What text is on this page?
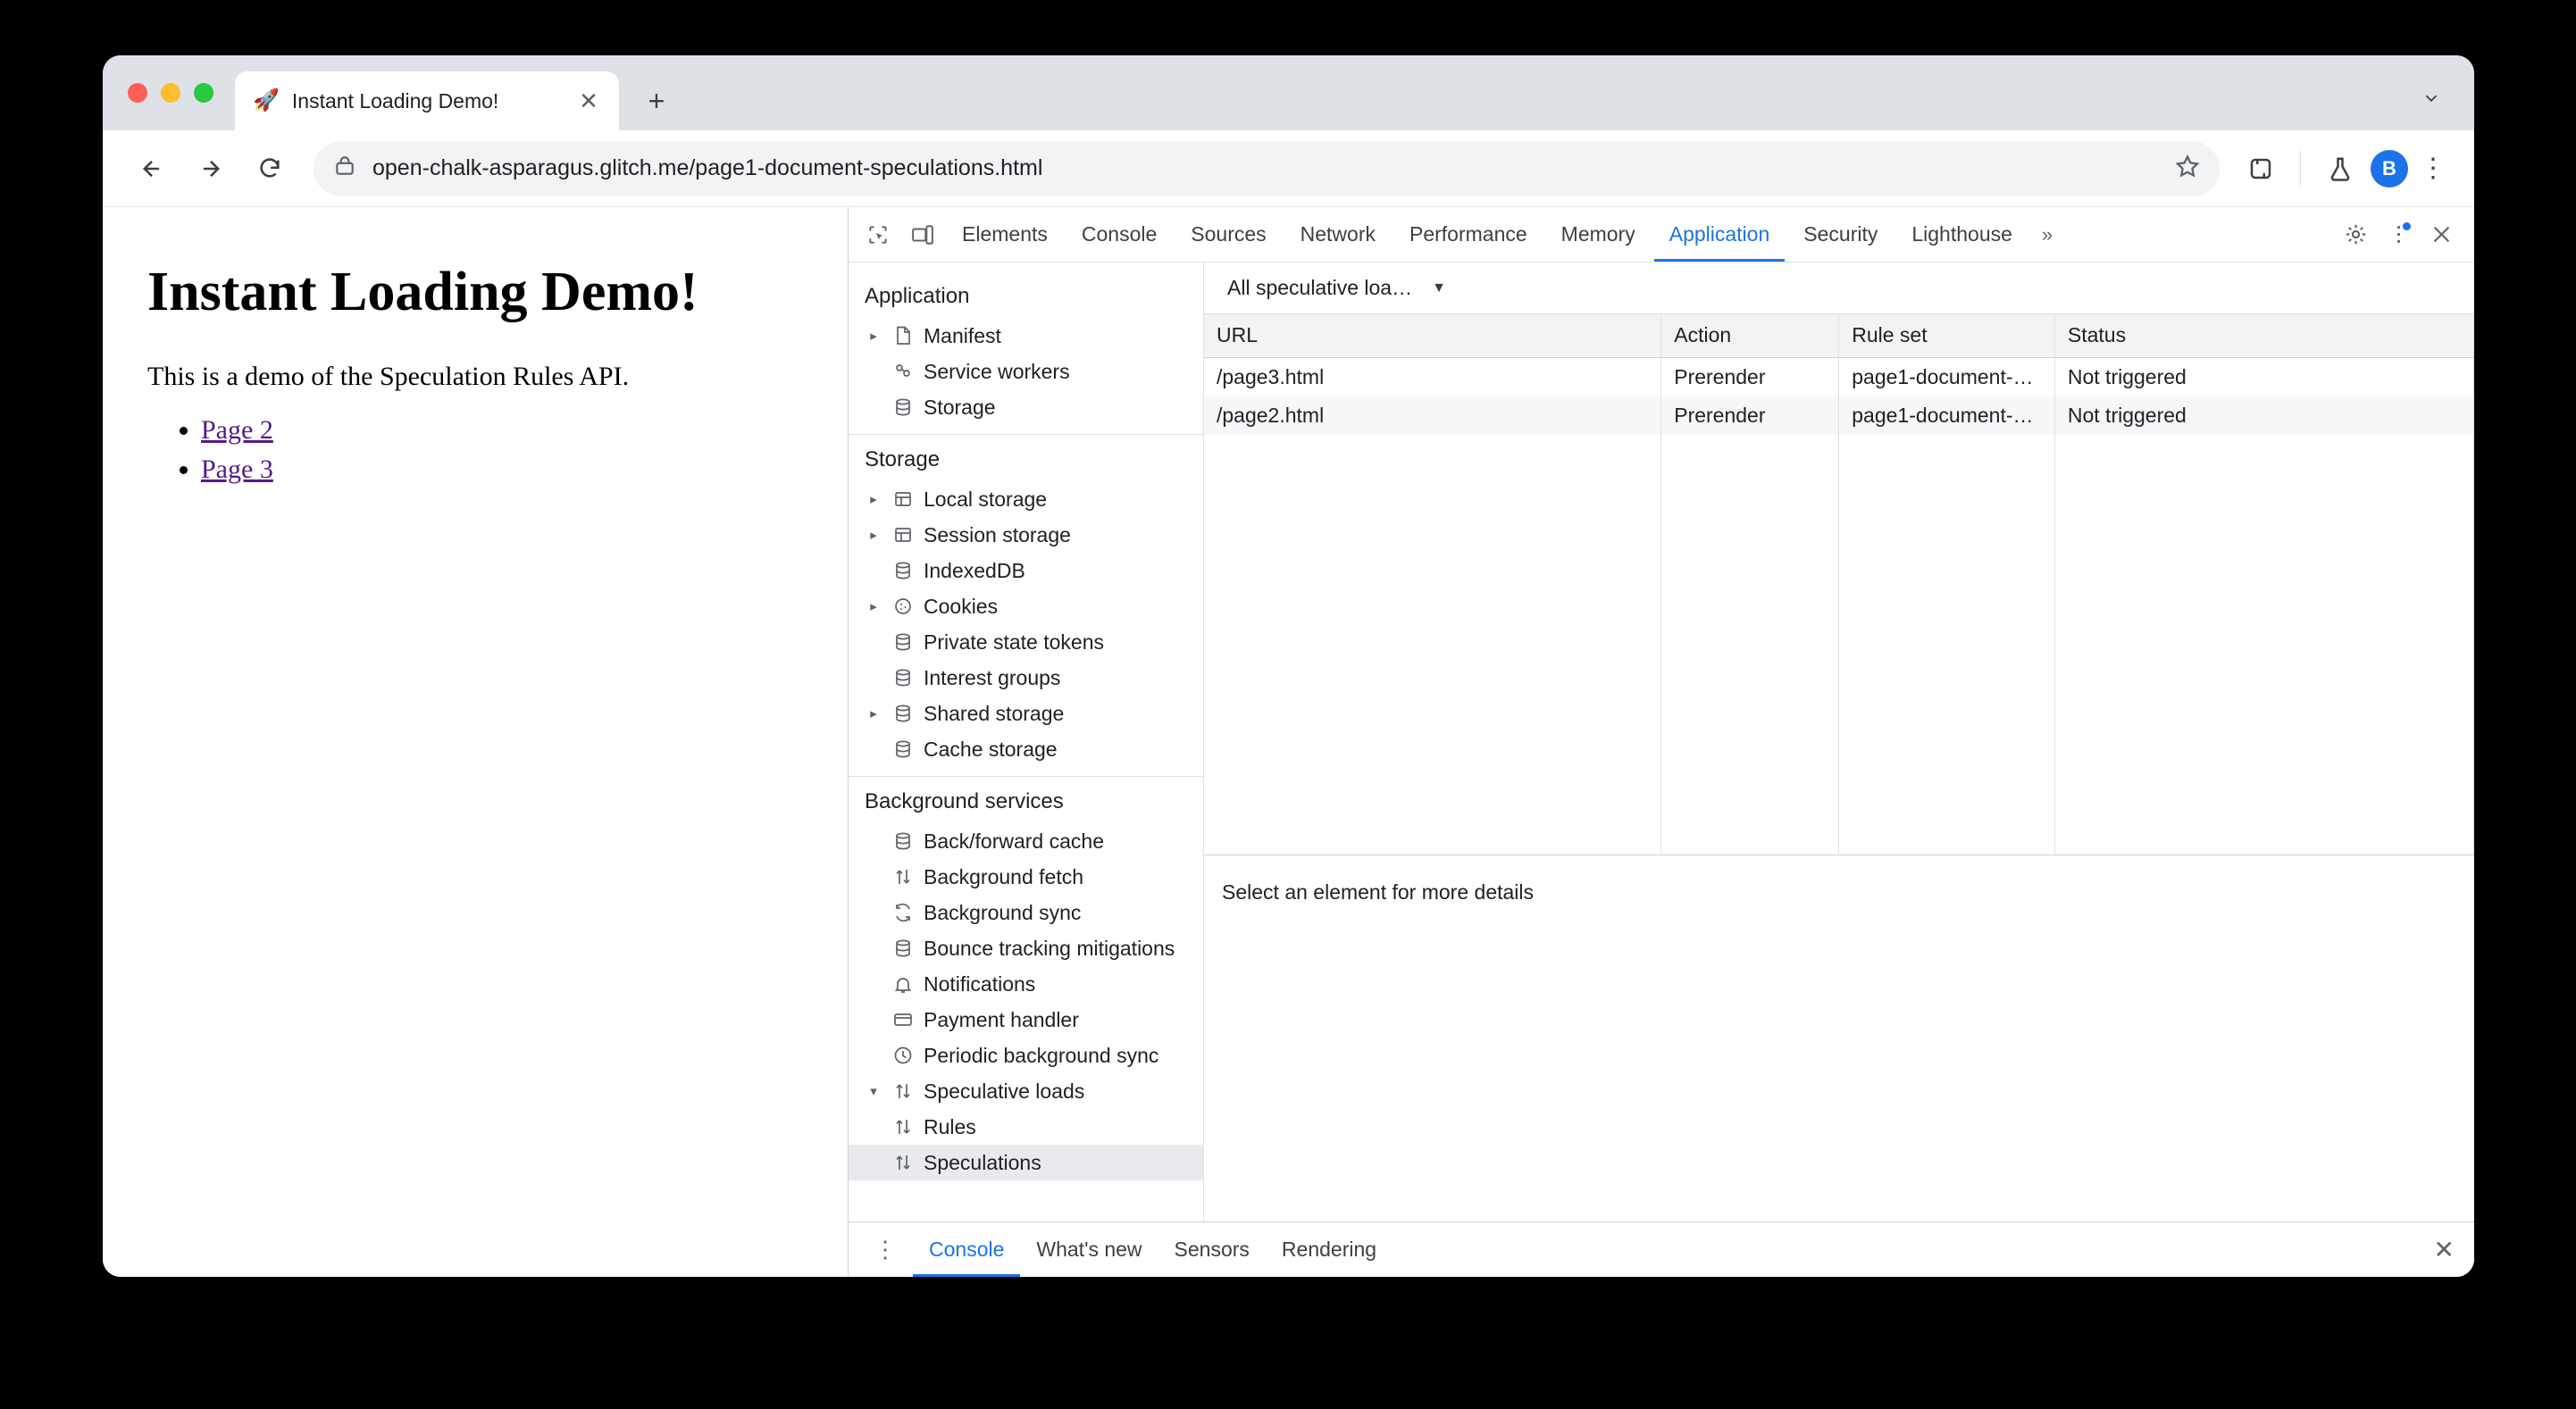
🚀 Instant Loading Demo!	✕	+
open-chalk-asparagus.glitch.me/page1-document-speculations.html	B ⋮
Instant Loading Demo!

This is a demo of the Speculation Rules API.

• Page 2
• Page 3
Elements	Console	Sources	Network	Performance	Memory	Application	Security	Lighthouse	»
Application
▸ Manifest
Service workers
Storage
Storage
▸ Local storage
▸ Session storage
IndexedDB
▸ Cookies
Private state tokens
Interest groups
▸ Shared storage
Cache storage
Background services
Back/forward cache
Background fetch
Background sync
Bounce tracking mitigations
Notifications
Payment handler
Periodic background sync
▾ Speculative loads
Rules
Speculations
All speculative loa… ▼
URL	Action	Rule set	Status
/page3.html	Prerender	page1-document-…	Not triggered
/page2.html	Prerender	page1-document-…	Not triggered
Select an element for more details
⋮	Console	What's new	Sensors	Rendering	✕
